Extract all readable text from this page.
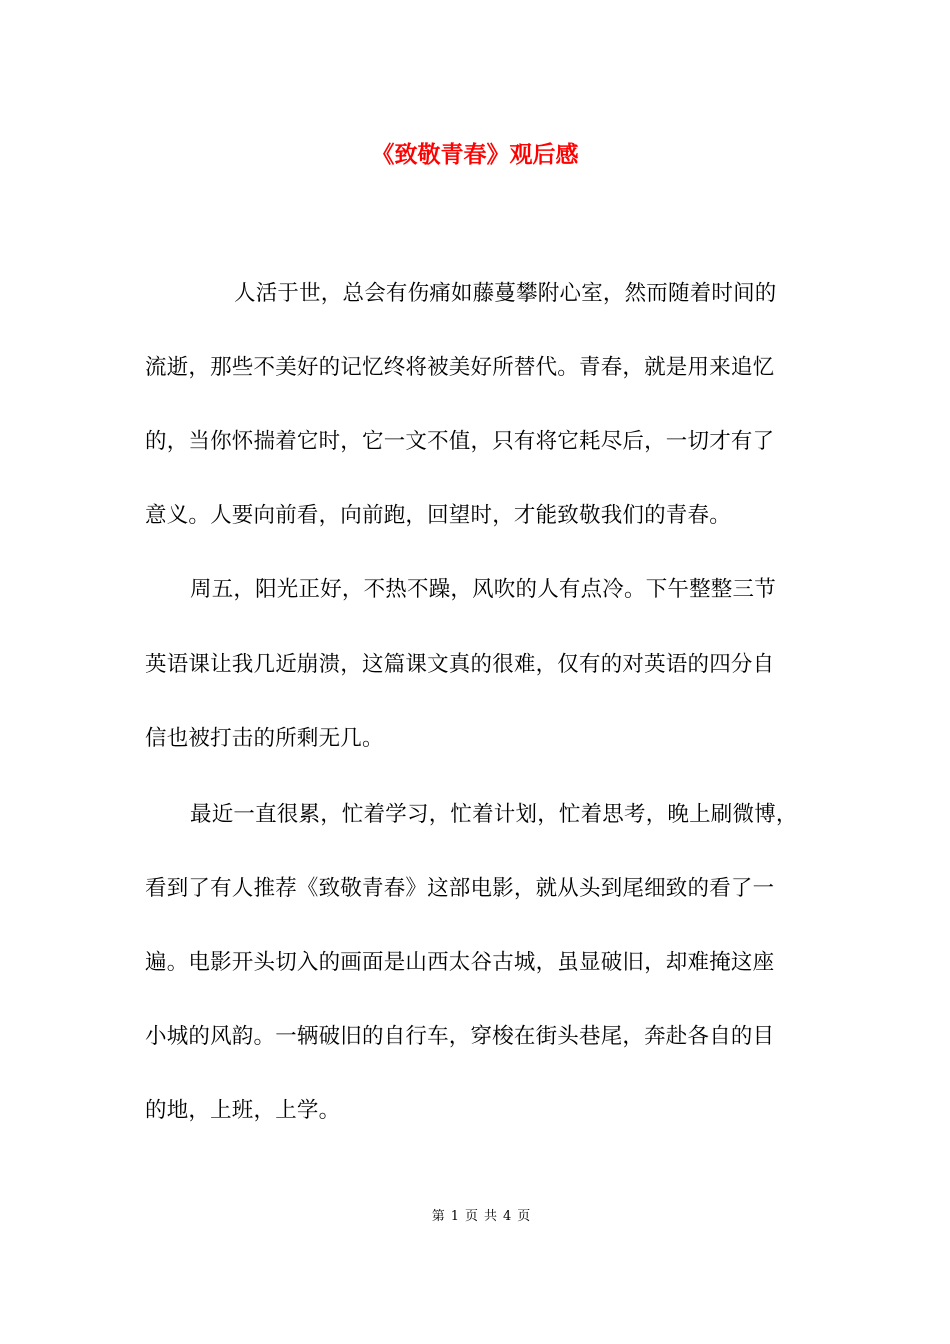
《致敬青春》观后感
人活于世，总会有伤痛如藤蔓攀附心室，然而随着时间的
流逝，那些不美好的记忆终将被美好所替代。青春，就是用来追忆
的，当你怀揣着它时，它一文不值，只有将它耗尽后，一切才有了
意义。人要向前看，向前跑，回望时，才能致敬我们的青春。
周五，阳光正好，不热不躁，风吹的人有点冷。下午整整三节
英语课让我几近崩溃，这篇课文真的很难，仅有的对英语的四分自
信也被打击的所剩无几。
最近一直很累，忙着学习，忙着计划，忙着思考，晚上刷微博，
看到了有人推荐《致敬青春》这部电影，就从头到尾细致的看了一
遍。电影开头切入的画面是山西太谷古城，虽显破旧，却难掩这座
小城的风韵。一辆破旧的自行车，穿梭在街头巷尾，奔赴各自的目
的地，上班，上学。
第 1 页 共 4 页
